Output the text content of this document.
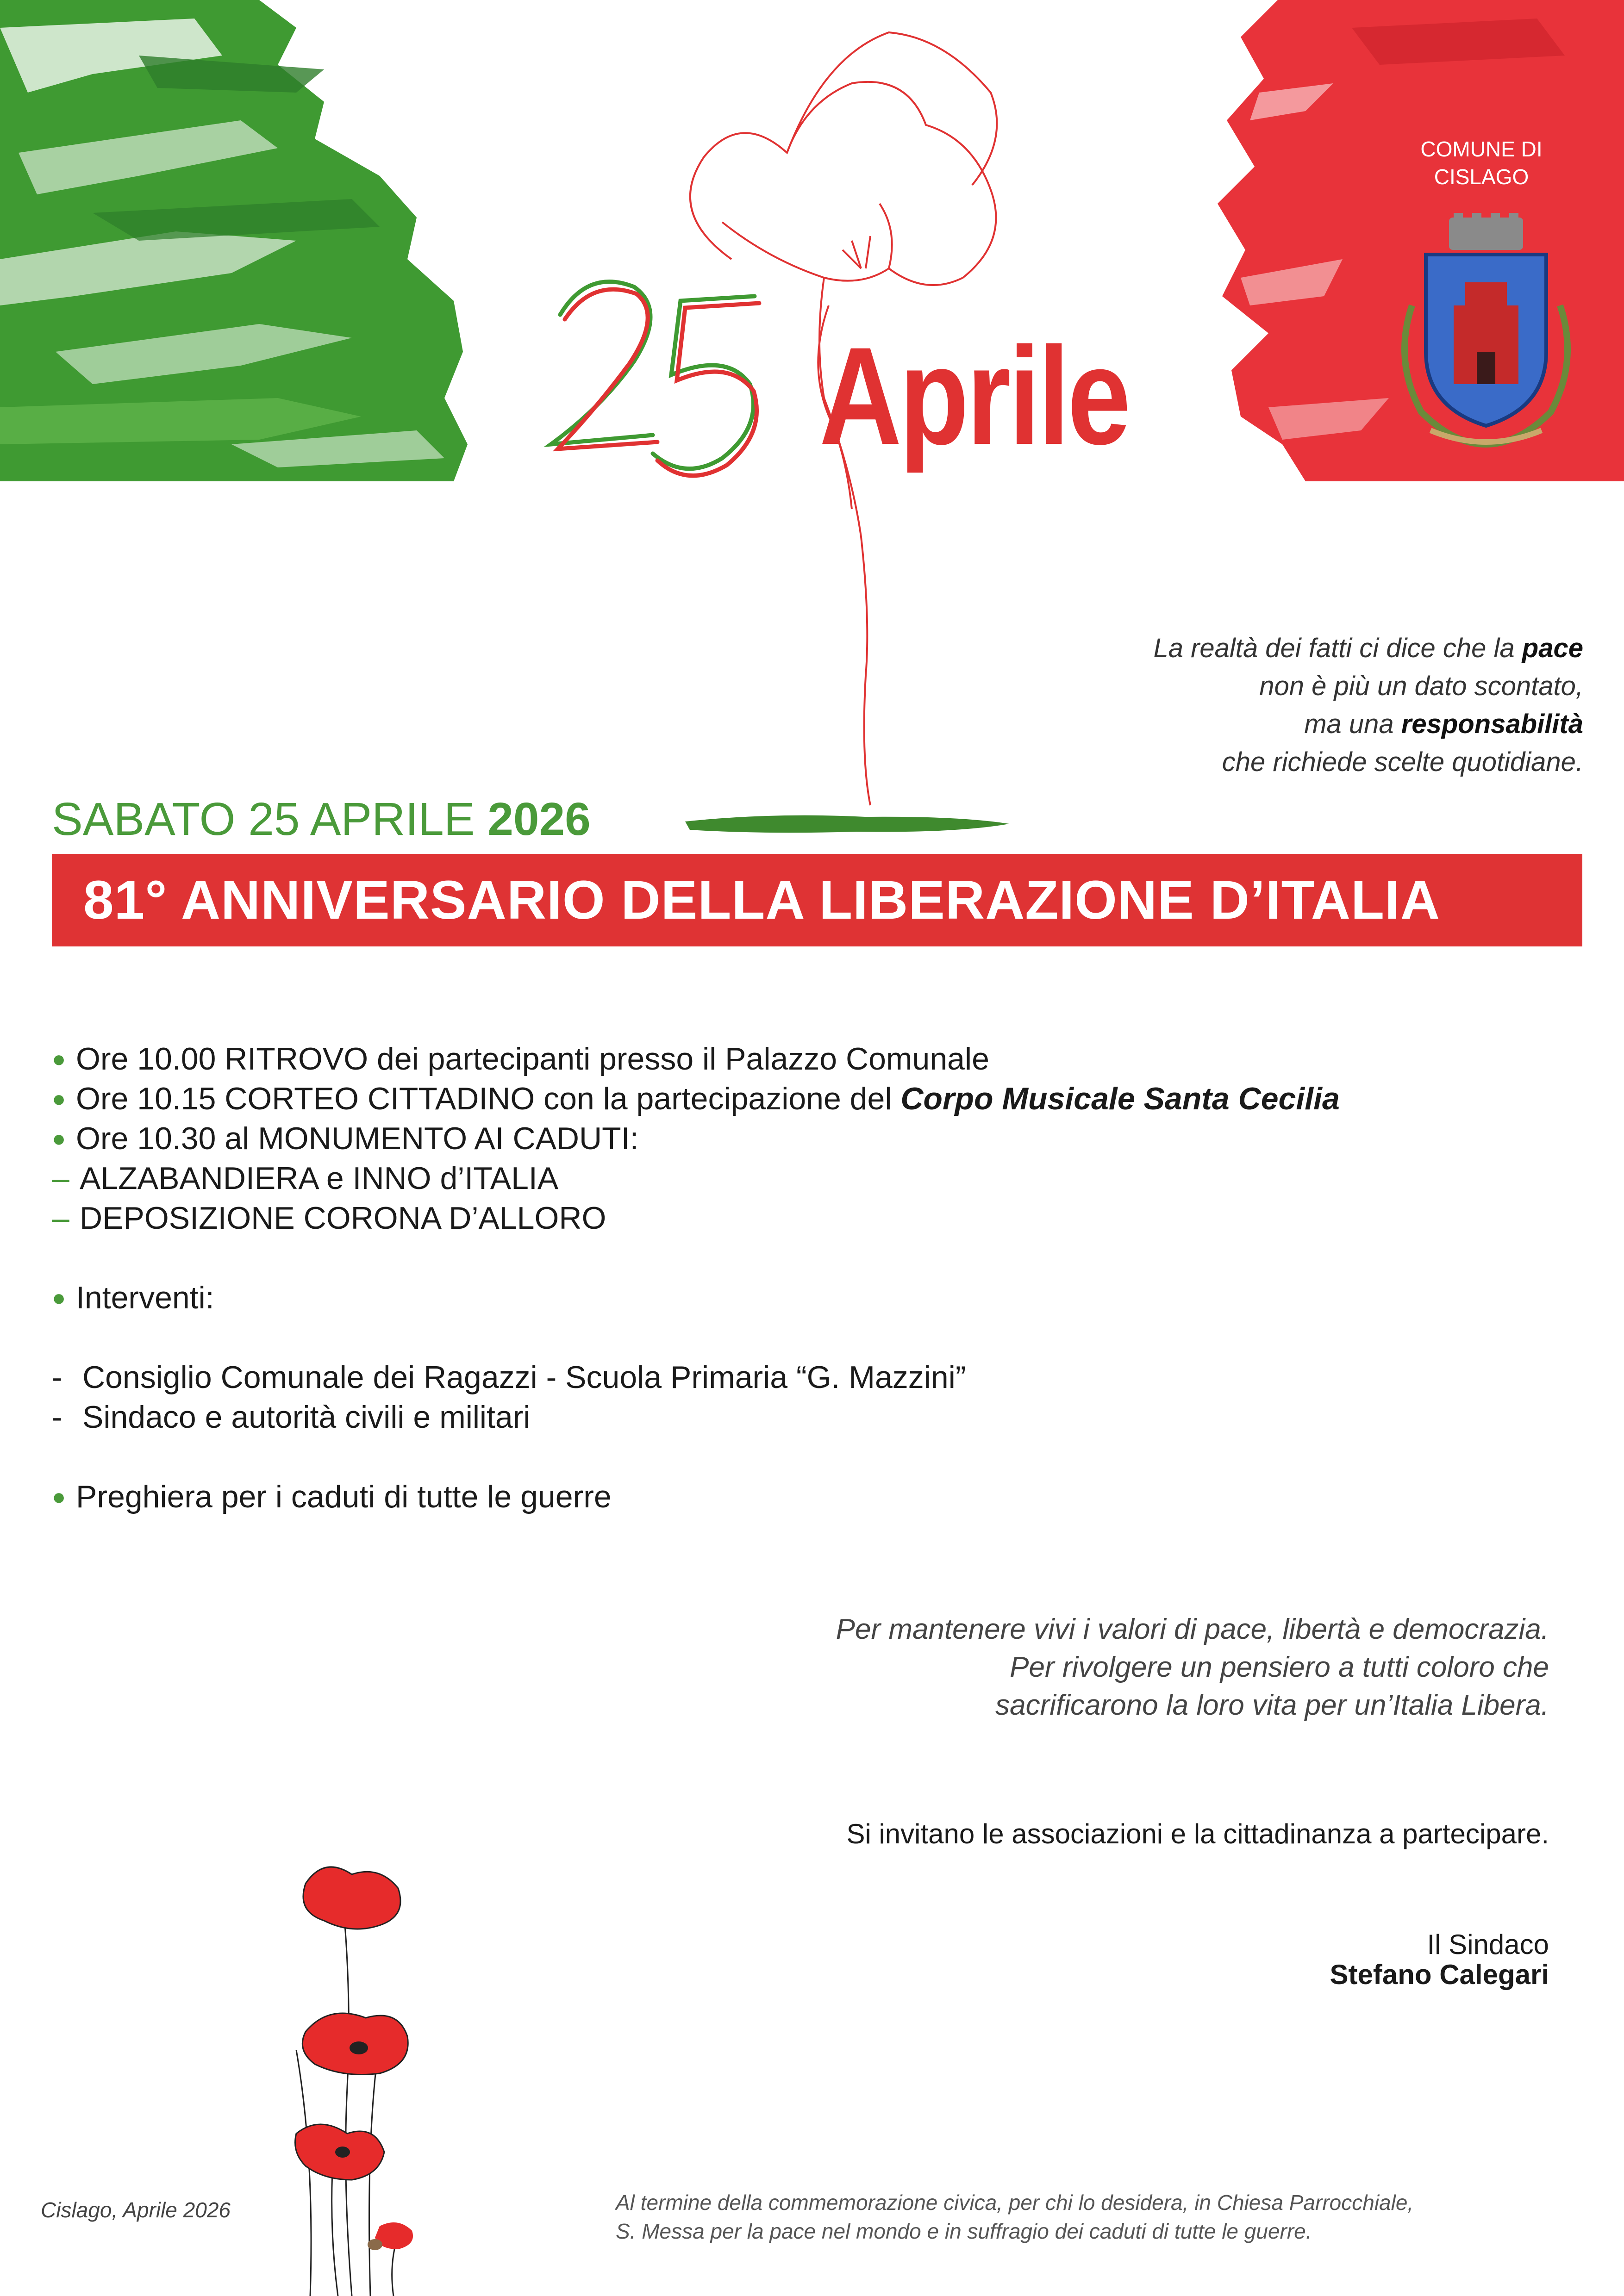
COMUNE DI
CISLAGO
Aprile
La realtà dei fatti ci dice che la pace
non è più un dato scontato,
ma una responsabilità
che richiede scelte quotidiane.
SABATO 25 APRILE 2026
81° ANNIVERSARIO DELLA LIBERAZIONE D’ITALIA
● Ore 10.00 RITROVO dei partecipanti presso il Palazzo Comunale
● Ore 10.15 CORTEO CITTADINO con la partecipazione del Corpo Musicale Santa Cecilia
● Ore 10.30 al MONUMENTO AI CADUTI:
– ALZABANDIERA e INNO d’ITALIA
– DEPOSIZIONE CORONA D’ALLORO
● Interventi:
- Consiglio Comunale dei Ragazzi - Scuola Primaria “G. Mazzini”
- Sindaco e autorità civili e militari
● Preghiera per i caduti di tutte le guerre
Per mantenere vivi i valori di pace, libertà e democrazia.
Per rivolgere un pensiero a tutti coloro che
sacrificarono la loro vita per un’Italia Libera.
Si invitano le associazioni e la cittadinanza a partecipare.
Il Sindaco
Stefano Calegari
Cislago, Aprile 2026	Al termine della commemorazione civica, per chi lo desidera, in Chiesa Parrocchiale,
S. Messa per la pace nel mondo e in suffragio dei caduti di tutte le guerre.
